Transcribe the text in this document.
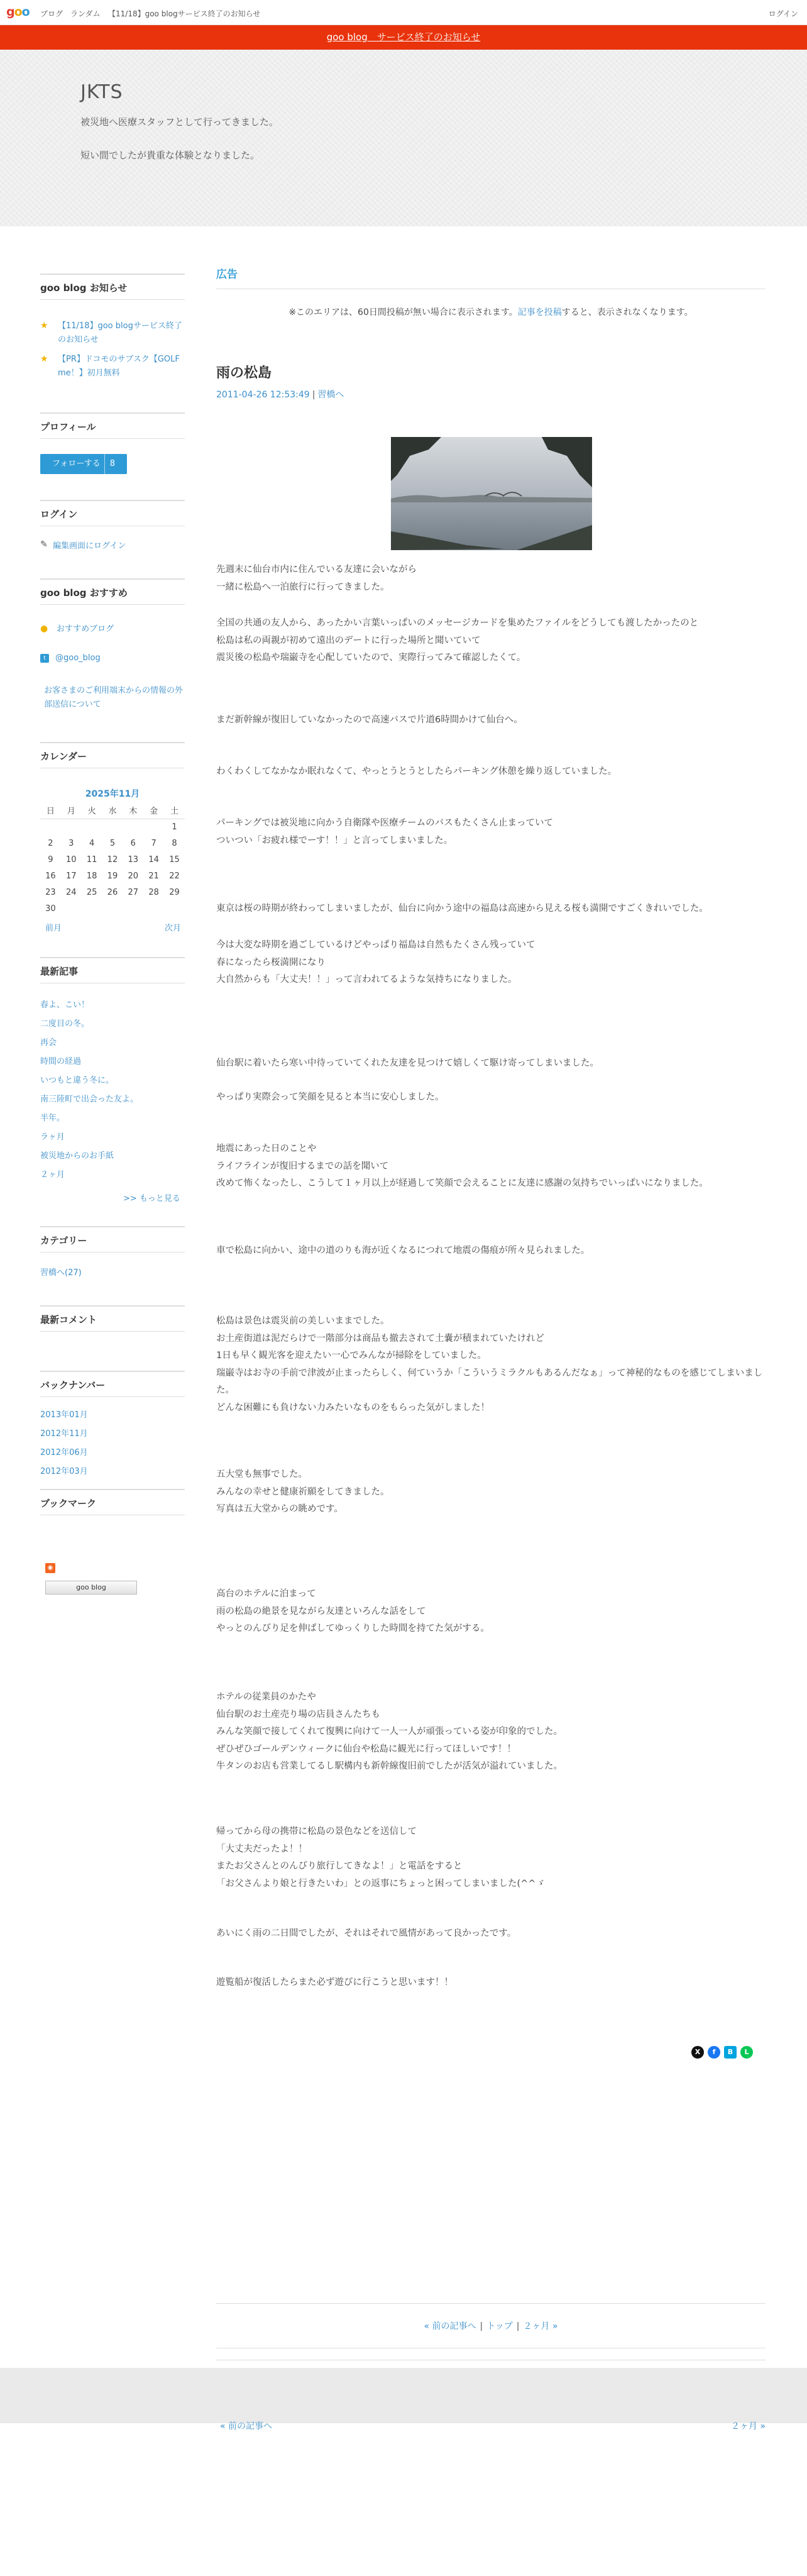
goo ブログ ランダム 【11/18】goo blogサービス終了のお知らせ	ログイン
goo blog　サービス終了のお知らせ
JKTS

被災地へ医療スタッフとして行ってきました。

短い間でしたが貴重な体験となりました。

goo blog お知らせ
★ 【11/18】goo blogサービス終了のお知らせ
★ 【PR】ドコモのサブスク【GOLF me！】初月無料
プロフィール
フォローする 8
ログイン
✎ 編集画面にログイン
goo blog おすすめ
● おすすめブログ
t	@goo_blog
お客さまのご利用端末からの情報の外部送信について
カレンダー
2025年11月
日	月	火	水	木	金	土
						1
2	3	4	5	6	7	8
9	10	11	12	13	14	15
16	17	18	19	20	21	22
23	24	25	26	27	28	29
30						
前月	次月
最新記事
春よ、こい！
二度目の冬。
再会
時間の経過
いつもと違う冬に。
南三陸町で出会った友よ。
半年。
ラヶ月
被災地からのお手紙
２ヶ月
>> もっと見る
カテゴリー
習橋へ(27)
最新コメント
バックナンバー
2013年01月
2012年11月
2012年06月
2012年03月
ブックマーク
◉
goo blog
広告

※このエリアは、60日間投稿が無い場合に表示されます。記事を投稿すると、表示されなくなります。

雨の松島
2011-04-26 12:53:49 | 習橋へ

先週末に仙台市内に住んでいる友達に会いながら
一緒に松島へ一泊旅行に行ってきました。

全国の共通の友人から、あったかい言葉いっぱいのメッセージカードを集めたファイルをどうしても渡したかったのと
松島は私の両親が初めて遠出のデートに行った場所と聞いていて
震災後の松島や瑞巌寺を心配していたので、実際行ってみて確認したくて。

まだ新幹線が復旧していなかったので高速バスで片道6時間かけて仙台へ。

わくわくしてなかなか眠れなくて、やっとうとうとしたらパーキング休憩を繰り返していました。

パーキングでは被災地に向かう自衛隊や医療チームのバスもたくさん止まっていて
ついつい「お疲れ様でーす！！」と言ってしまいました。

東京は桜の時期が終わってしまいましたが、仙台に向かう途中の福島は高速から見える桜も満開ですごくきれいでした。

今は大変な時期を過ごしているけどやっぱり福島は自然もたくさん残っていて
春になったら桜満開になり
大自然からも「大丈夫！！」って言われてるような気持ちになりました。

仙台駅に着いたら寒い中待っていてくれた友達を見つけて嬉しくて駆け寄ってしまいました。

やっぱり実際会って笑顔を見ると本当に安心しました。

地震にあった日のことや
ライフラインが復旧するまでの話を聞いて
改めて怖くなったし、こうして１ヶ月以上が経過して笑顔で会えることに友達に感謝の気持ちでいっぱいになりました。

車で松島に向かい、途中の道のりも海が近くなるにつれて地震の傷痕が所々見られました。

松島は景色は震災前の美しいままでした。
お土産街道は泥だらけで一階部分は商品も撤去されて土嚢が積まれていたけれど
1日も早く観光客を迎えたい一心でみんなが掃除をしていました。
瑞巌寺はお寺の手前で津波が止まったらしく、何ていうか「こういうミラクルもあるんだなぁ」って神秘的なものを感じてしまいました。
どんな困難にも負けない力みたいなものをもらった気がしました！

五大堂も無事でした。
みんなの幸せと健康祈願をしてきました。
写真は五大堂からの眺めです。

高台のホテルに泊まって
雨の松島の絶景を見ながら友達といろんな話をして
やっとのんびり足を伸ばしてゆっくりした時間を持てた気がする。

ホテルの従業員のかたや
仙台駅のお土産売り場の店員さんたちも
みんな笑顔で接してくれて復興に向けて一人一人が頑張っている姿が印象的でした。
ぜひぜひゴールデンウィークに仙台や松島に観光に行ってほしいです！！
牛タンのお店も営業してるし駅構内も新幹線復旧前でしたが活気が溢れていました。

帰ってから母の携帯に松島の景色などを送信して
「大丈夫だったよ！！
またお父さんとのんびり旅行してきなよ！」と電話をすると
「お父さんより娘と行きたいわ」との返事にちょっと困ってしまいました(^^ゞ

あいにく雨の二日間でしたが、それはそれで風情があって良かったです。

遊覧船が復活したらまた必ず遊びに行こうと思います！！

X	f	B	L
« 前の記事へ | トップ | ２ヶ月 »
« 前の記事へ	２ヶ月 »
